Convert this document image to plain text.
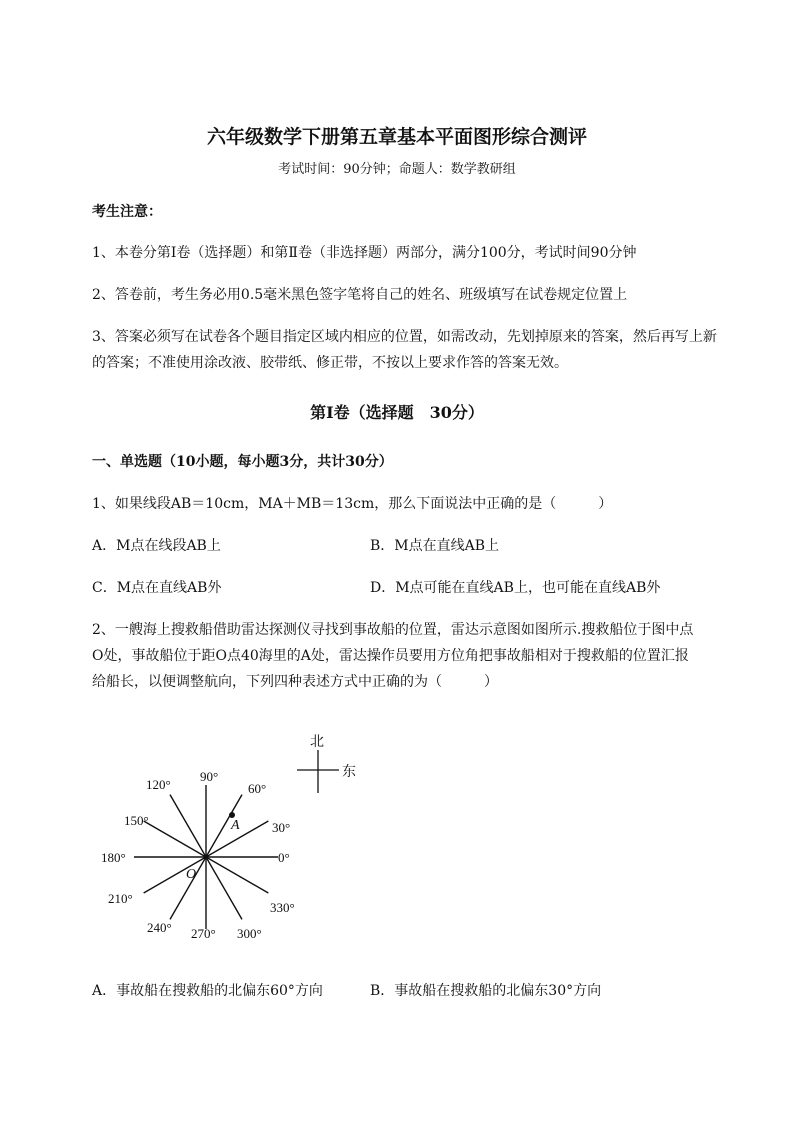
六年级数学下册第五章基本平面图形综合测评
考试时间：90分钟；命题人：数学教研组
考生注意：
1、本卷分第Ⅰ卷（选择题）和第Ⅱ卷（非选择题）两部分，满分100分，考试时间90分钟
2、答卷前，考生务必用0.5毫米黑色签字笔将自己的姓名、班级填写在试卷规定位置上
3、答案必须写在试卷各个题目指定区域内相应的位置，如需改动，先划掉原来的答案，然后再写上新
的答案；不准使用涂改液、胶带纸、修正带，不按以上要求作答的答案无效。
第Ⅰ卷（选择题　30分）
一、单选题（10小题，每小题3分，共计30分）
1、如果线段AB＝10cm，MA＋MB＝13cm，那么下面说法中正确的是（　　　）
A．M点在线段AB上	B．M点在直线AB上
C．M点在直线AB外	D．M点可能在直线AB上，也可能在直线AB外
2、一艘海上搜救船借助雷达探测仪寻找到事故船的位置，雷达示意图如图所示.搜救船位于图中点
O处，事故船位于距O点40海里的A处，雷达操作员要用方位角把事故船相对于搜救船的位置汇报
给船长，以便调整航向，下列四种表述方式中正确的为（　　　）
北
东
0°
30°
60°
90°
120°
150°
180°
210°
240° 270° 300°
330°
A
O
A．事故船在搜救船的北偏东60°方向	B．事故船在搜救船的北偏东30°方向
